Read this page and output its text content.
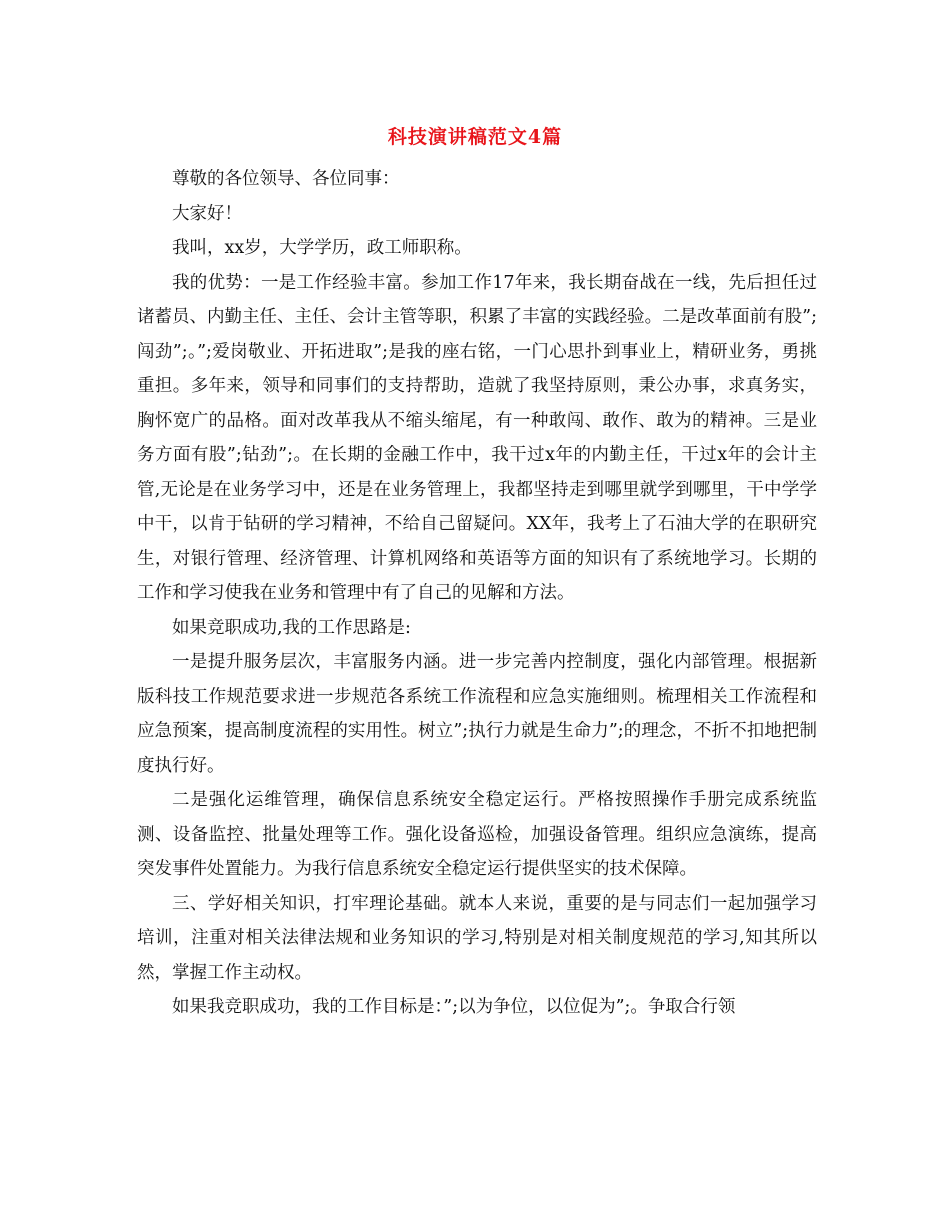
科技演讲稿范文4篇

尊敬的各位领导、各位同事：

大家好！

我叫，xx岁，大学学历，政工师职称。

我的优势：一是工作经验丰富。参加工作17年来，我长期奋战在一线，先后担任过诸蓄员、内勤主任、主任、会计主管等职，积累了丰富的实践经验。二是改革面前有股”;闯劲”;。”;爱岗敬业、开拓进取”;是我的座右铭，一门心思扑到事业上，精研业务，勇挑重担。多年来，领导和同事们的支持帮助，造就了我坚持原则，秉公办事，求真务实，胸怀宽广的品格。面对改革我从不缩头缩尾，有一种敢闯、敢作、敢为的精神。三是业务方面有股”;钻劲”;。在长期的金融工作中，我干过x年的内勤主任，干过x年的会计主管,无论是在业务学习中，还是在业务管理上，我都坚持走到哪里就学到哪里，干中学学中干，以肯于钻研的学习精神，不给自己留疑问。XX年，我考上了石油大学的在职研究生，对银行管理、经济管理、计算机网络和英语等方面的知识有了系统地学习。长期的工作和学习使我在业务和管理中有了自己的见解和方法。

如果竞职成功,我的工作思路是:

一是提升服务层次，丰富服务内涵。进一步完善内控制度，强化内部管理。根据新版科技工作规范要求进一步规范各系统工作流程和应急实施细则。梳理相关工作流程和应急预案，提高制度流程的实用性。树立”;执行力就是生命力”;的理念，不折不扣地把制度执行好。

二是强化运维管理，确保信息系统安全稳定运行。严格按照操作手册完成系统监测、设备监控、批量处理等工作。强化设备巡检，加强设备管理。组织应急演练，提高突发事件处置能力。为我行信息系统安全稳定运行提供坚实的技术保障。

三、学好相关知识，打牢理论基础。就本人来说，重要的是与同志们一起加强学习培训，注重对相关法律法规和业务知识的学习,特别是对相关制度规范的学习,知其所以然，掌握工作主动权。

如果我竞职成功，我的工作目标是：”;以为争位，以位促为”;。争取合行领
